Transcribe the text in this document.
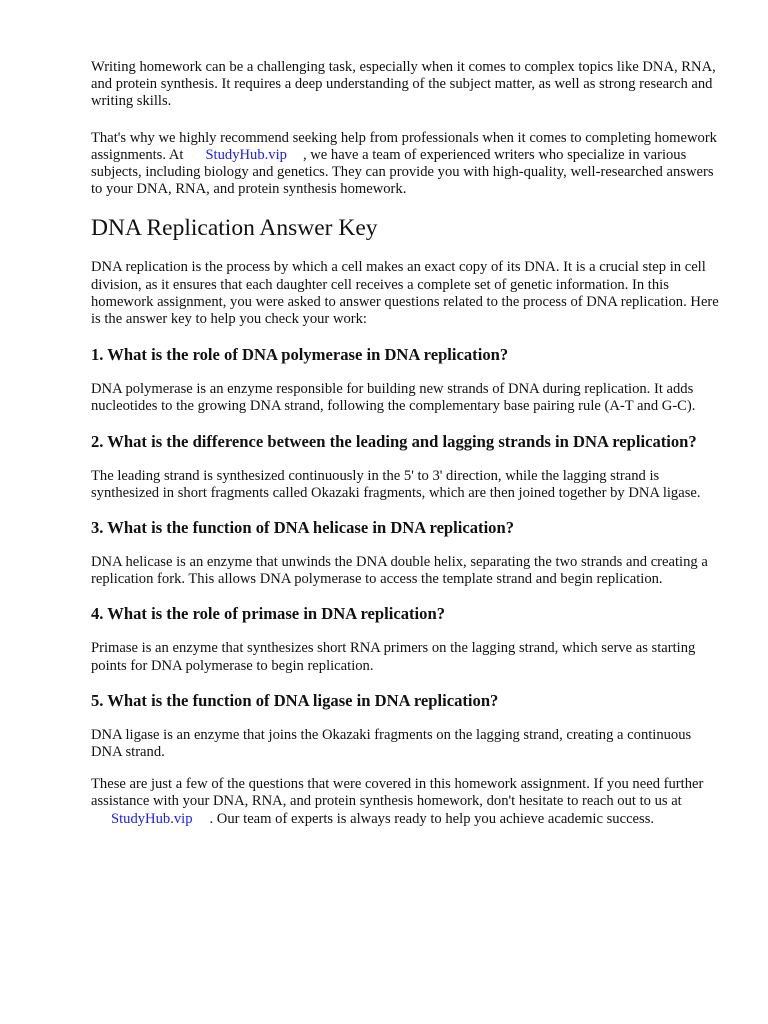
Writing homework can be a challenging task, especially when it comes to complex topics like DNA, RNA, and protein synthesis. It requires a deep understanding of the subject matter, as well as strong research and writing skills.

That's why we highly recommend seeking help from professionals when it comes to completing homework assignments. At StudyHub.vip , we have a team of experienced writers who specialize in various subjects, including biology and genetics. They can provide you with high-quality, well-researched answers to your DNA, RNA, and protein synthesis homework.

DNA Replication Answer Key

DNA replication is the process by which a cell makes an exact copy of its DNA. It is a crucial step in cell division, as it ensures that each daughter cell receives a complete set of genetic information. In this homework assignment, you were asked to answer questions related to the process of DNA replication. Here is the answer key to help you check your work:

1. What is the role of DNA polymerase in DNA replication?

DNA polymerase is an enzyme responsible for building new strands of DNA during replication. It adds nucleotides to the growing DNA strand, following the complementary base pairing rule (A-T and G-C).

2. What is the difference between the leading and lagging strands in DNA replication?

The leading strand is synthesized continuously in the 5' to 3' direction, while the lagging strand is synthesized in short fragments called Okazaki fragments, which are then joined together by DNA ligase.

3. What is the function of DNA helicase in DNA replication?

DNA helicase is an enzyme that unwinds the DNA double helix, separating the two strands and creating a replication fork. This allows DNA polymerase to access the template strand and begin replication.

4. What is the role of primase in DNA replication?

Primase is an enzyme that synthesizes short RNA primers on the lagging strand, which serve as starting points for DNA polymerase to begin replication.

5. What is the function of DNA ligase in DNA replication?

DNA ligase is an enzyme that joins the Okazaki fragments on the lagging strand, creating a continuous DNA strand.

These are just a few of the questions that were covered in this homework assignment. If you need further assistance with your DNA, RNA, and protein synthesis homework, don't hesitate to reach out to us atStudyHub.vip . Our team of experts is always ready to help you achieve academic success.
